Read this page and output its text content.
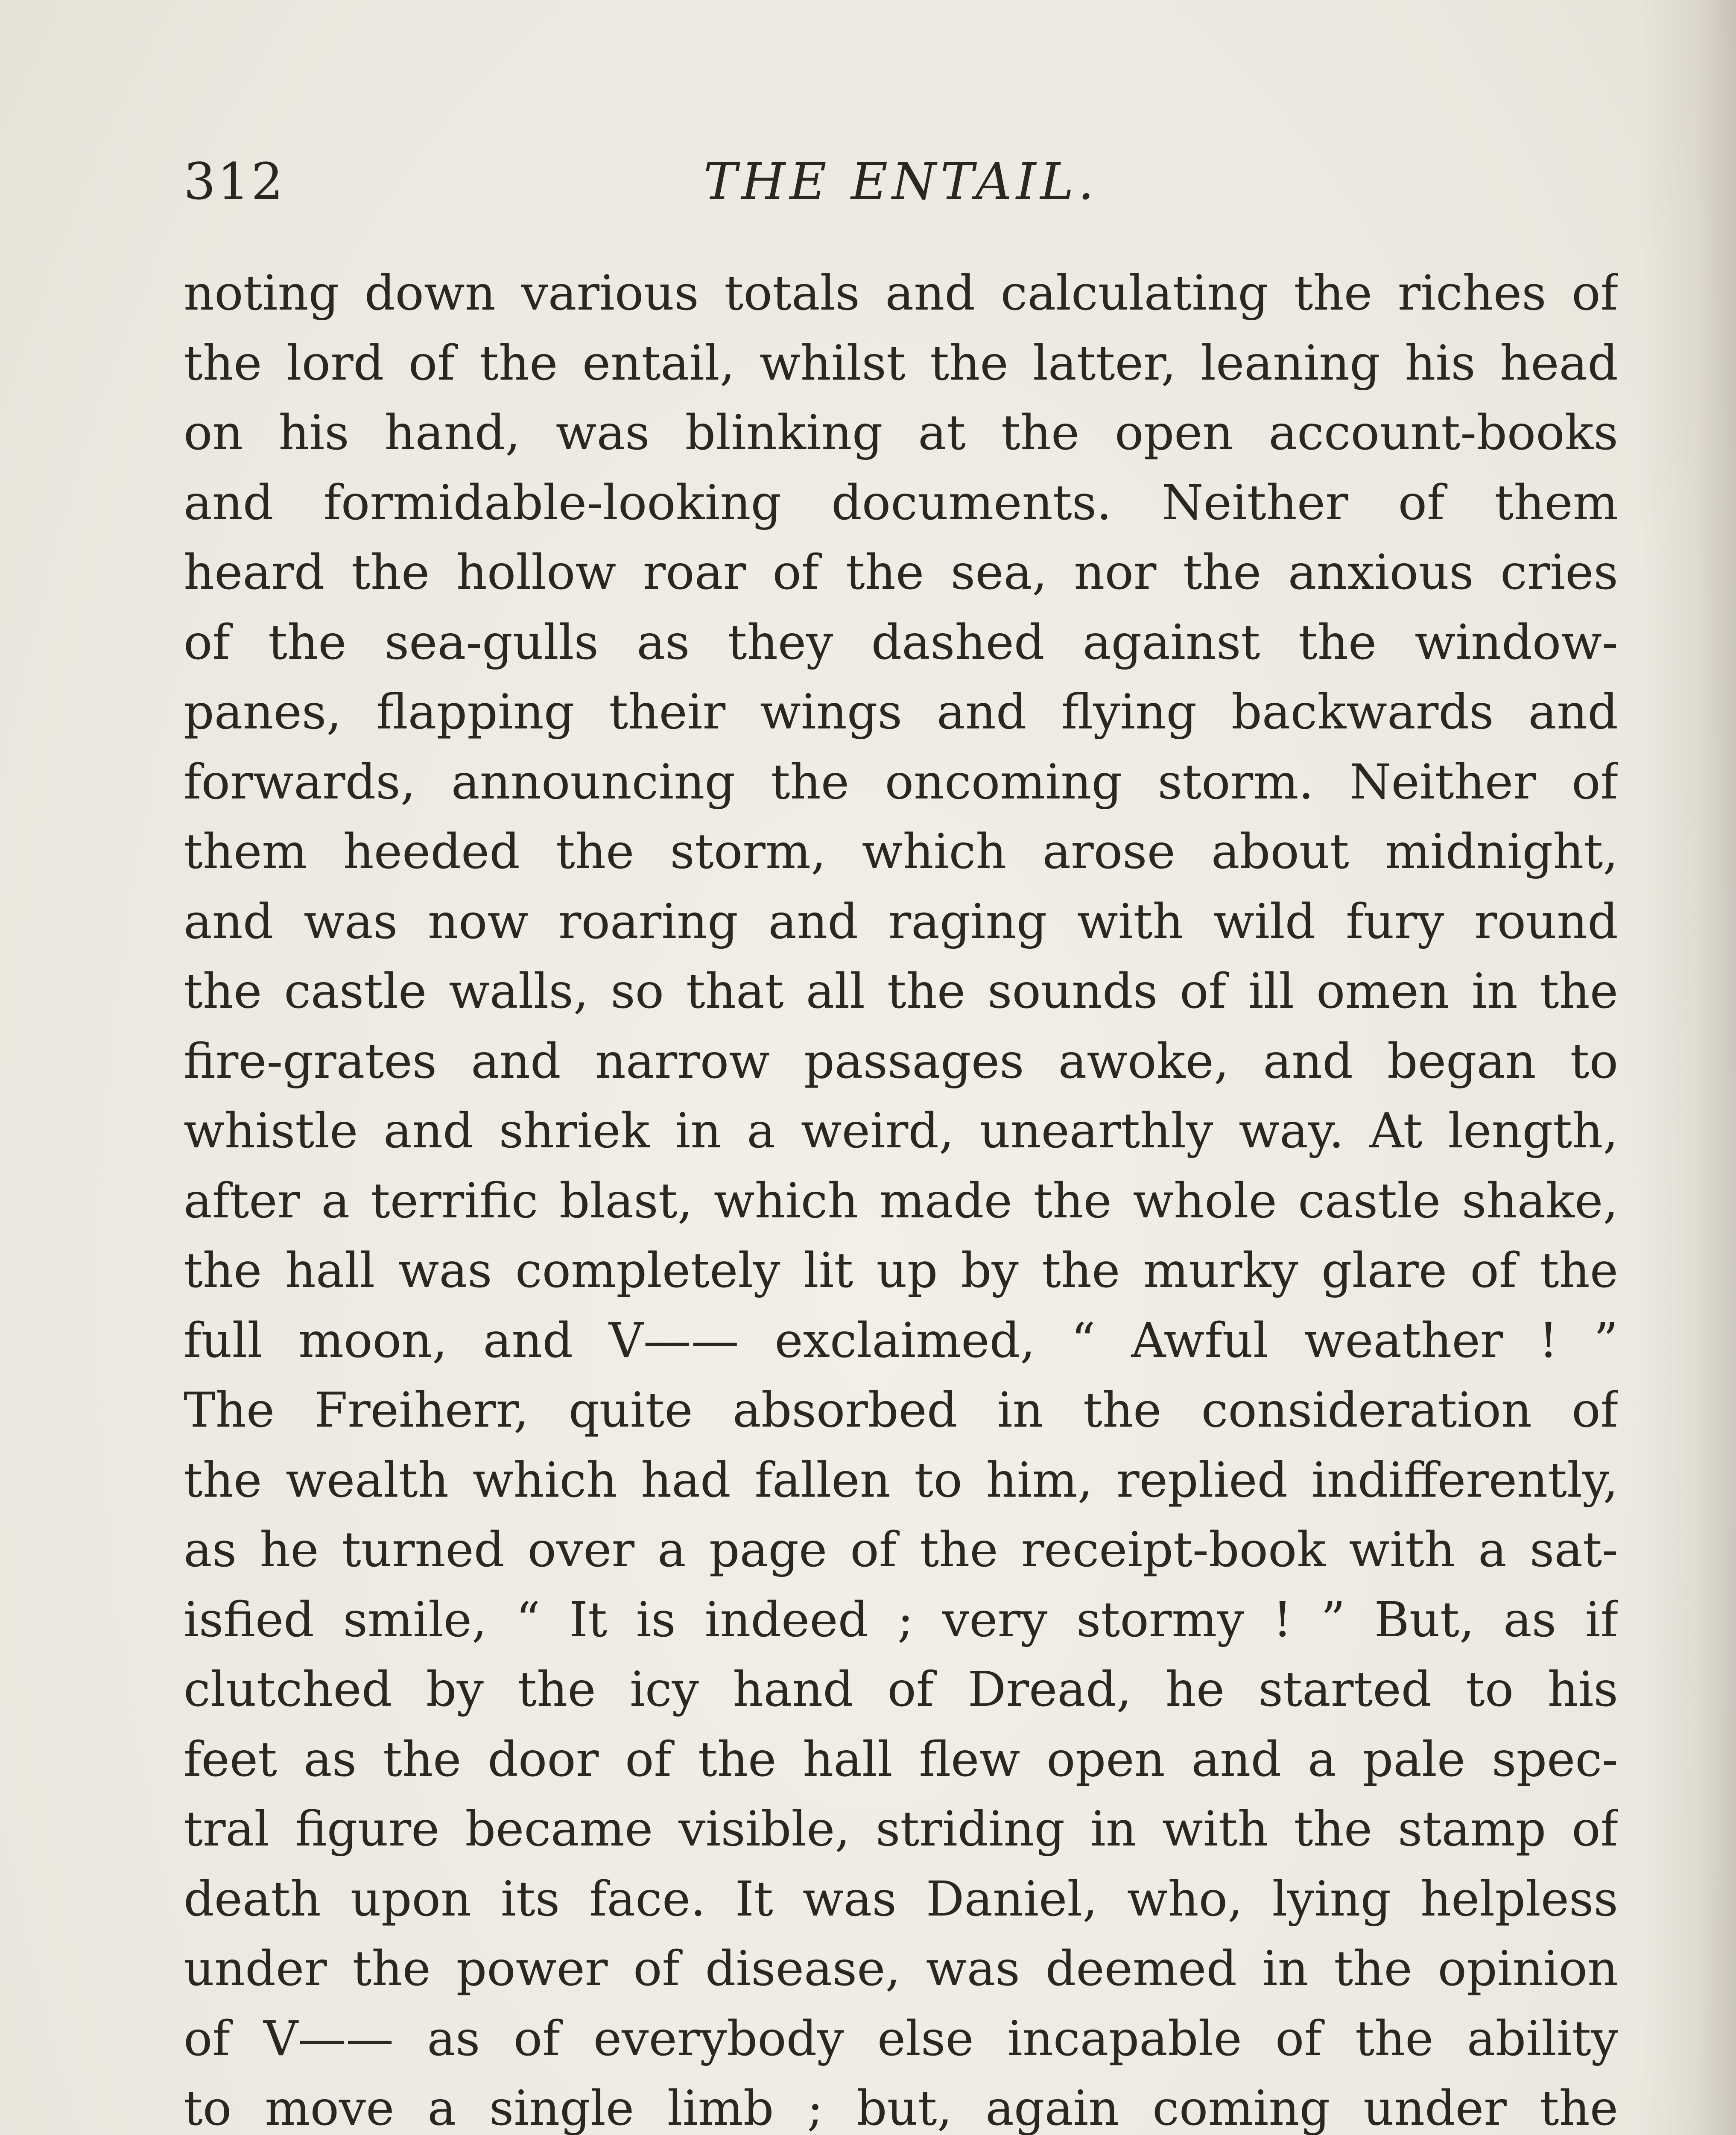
312	THE ENTAIL.
noting down various totals and calculating the riches of
the lord of the entail, whilst the latter, leaning his head
on his hand, was blinking at the open account-books
and formidable-looking documents. Neither of them
heard the hollow roar of the sea, nor the anxious cries
of the sea-gulls as they dashed against the window-
panes, flapping their wings and flying backwards and
forwards, announcing the oncoming storm. Neither of
them heeded the storm, which arose about midnight,
and was now roaring and raging with wild fury round
the castle walls, so that all the sounds of ill omen in the
fire-grates and narrow passages awoke, and began to
whistle and shriek in a weird, unearthly way. At length,
after a terrific blast, which made the whole castle shake,
the hall was completely lit up by the murky glare of the
full moon, and V—— exclaimed, “ Awful weather ! ”
The Freiherr, quite absorbed in the consideration of
the wealth which had fallen to him, replied indifferently,
as he turned over a page of the receipt-book with a sat-
isfied smile, “ It is indeed ; very stormy ! ” But, as if
clutched by the icy hand of Dread, he started to his
feet as the door of the hall flew open and a pale spec-
tral figure became visible, striding in with the stamp of
death upon its face. It was Daniel, who, lying helpless
under the power of disease, was deemed in the opinion
of V—— as of everybody else incapable of the ability
to move a single limb ; but, again coming under the
